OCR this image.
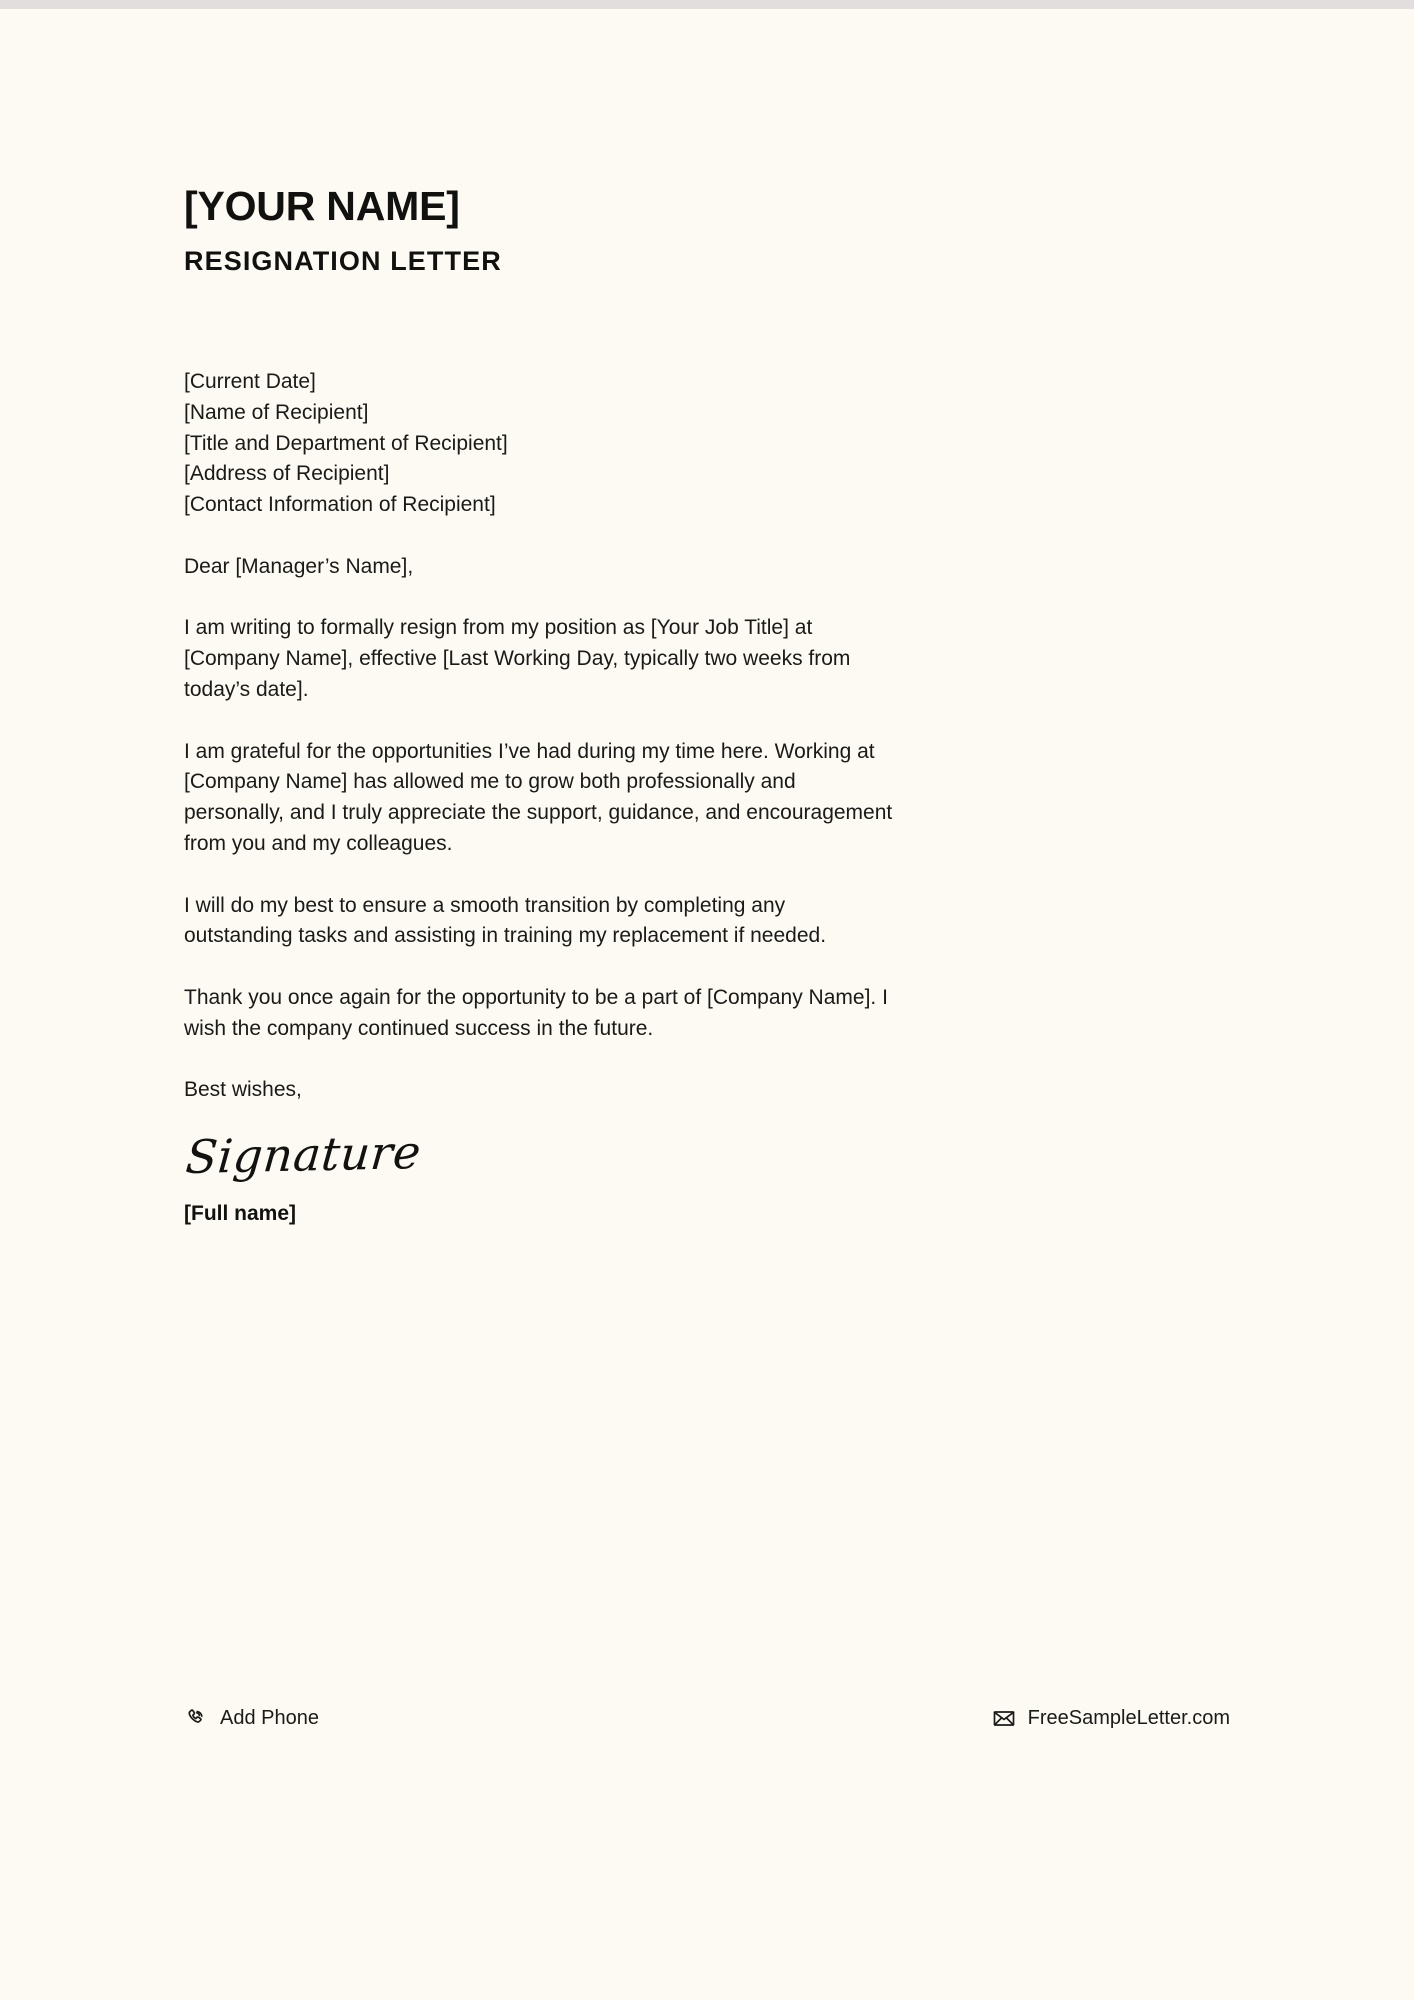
[YOUR NAME]
RESIGNATION LETTER
[Current Date]
[Name of Recipient]
[Title and Department of Recipient]
[Address of Recipient]
[Contact Information of Recipient]
Dear [Manager’s Name],
I am writing to formally resign from my position as [Your Job Title] at [Company Name], effective [Last Working Day, typically two weeks from today’s date].
I am grateful for the opportunities I’ve had during my time here. Working at [Company Name] has allowed me to grow both professionally and personally, and I truly appreciate the support, guidance, and encouragement from you and my colleagues.
I will do my best to ensure a smooth transition by completing any outstanding tasks and assisting in training my replacement if needed.
Thank you once again for the opportunity to be a part of [Company Name]. I wish the company continued success in the future.
Best wishes,
Signature
[Full name]
Add Phone	FreeSampleLetter.com
